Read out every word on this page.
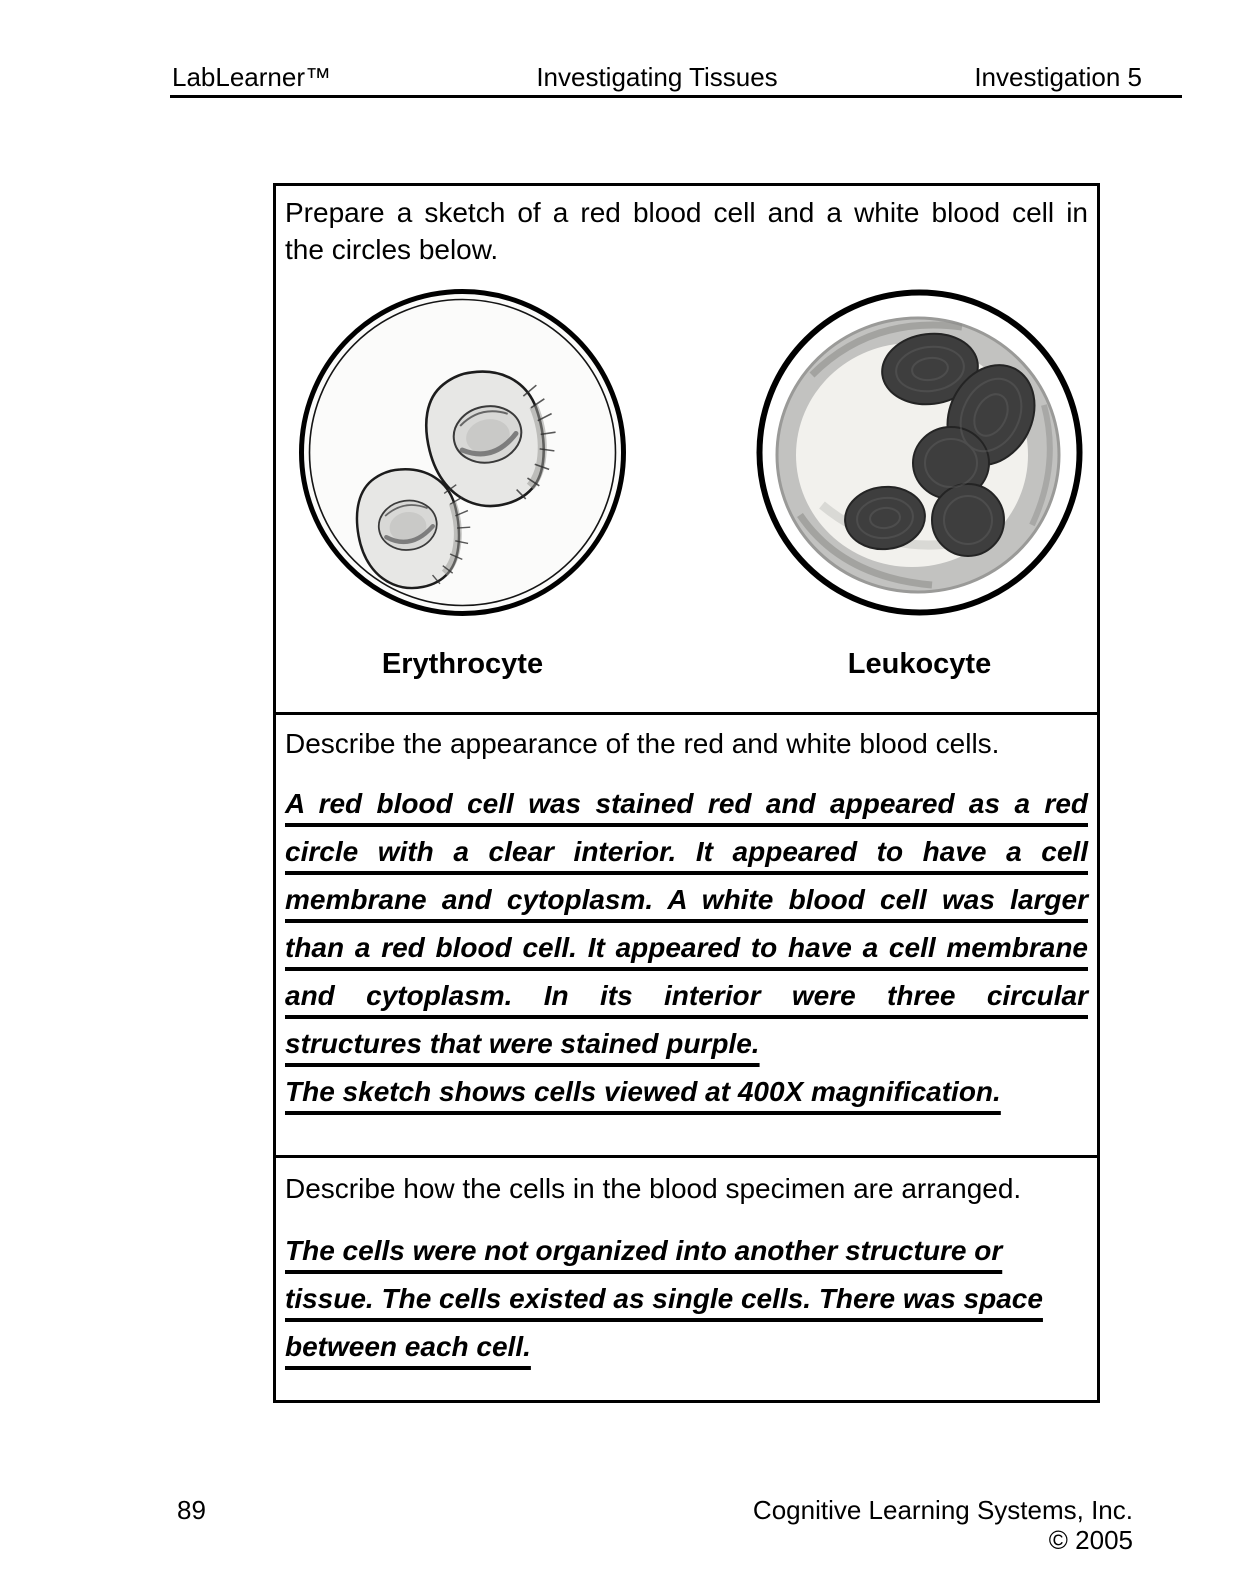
LabLearner™	Investigating Tissues	Investigation 5
Prepare a sketch of a red blood cell and a white blood cell in
the circles below.
Erythrocyte	Leukocyte
Describe the appearance of the red and white blood cells.
A red blood cell was stained red and appeared as a red
circle with a clear interior. It appeared to have a cell
membrane and cytoplasm. A white blood cell was larger
than a red blood cell. It appeared to have a cell membrane
and cytoplasm. In its interior were three circular
structures that were stained purple.
The sketch shows cells viewed at 400X magnification.
Describe how the cells in the blood specimen are arranged.
The cells were not organized into another structure or
tissue. The cells existed as single cells. There was space
between each cell.
89	Cognitive Learning Systems, Inc.
© 2005
